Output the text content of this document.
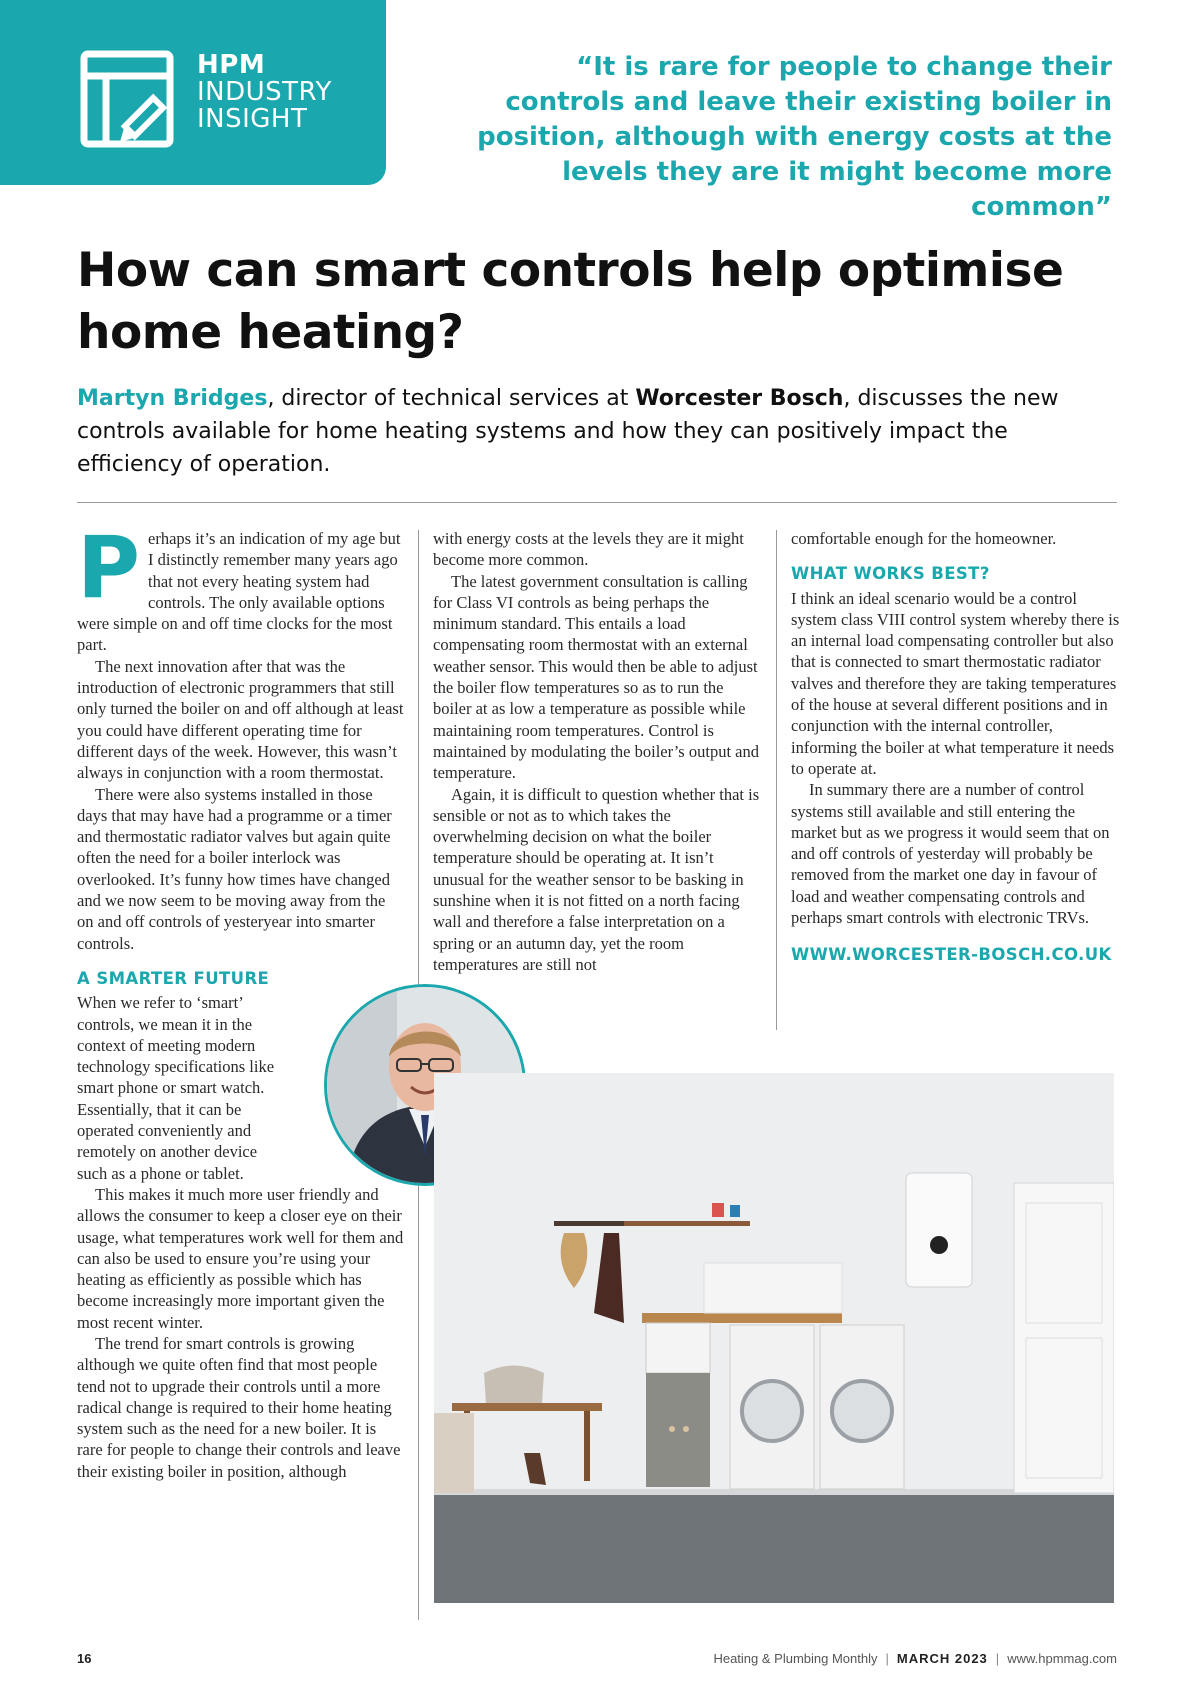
HPM
INDUSTRY
INSIGHT
“It is rare for people to change their controls and leave their existing boiler in position, although with energy costs at the levels they are it might become more common”
How can smart controls help optimise home heating?

Martyn Bridges, director of technical services at Worcester Bosch, discusses the new controls available for home heating systems and how they can positively impact the efficiency of operation.

Perhaps it’s an indication of my age but I distinctly remember many years ago that not every heating system had controls. The only available options were simple on and off time clocks for the most part.

The next innovation after that was the introduction of electronic programmers that still only turned the boiler on and off although at least you could have different operating time for different days of the week. However, this wasn’t always in conjunction with a room thermostat.

There were also systems installed in those days that may have had a programme or a timer and thermostatic radiator valves but again quite often the need for a boiler interlock was overlooked. It’s funny how times have changed and we now seem to be moving away from the on and off controls of yesteryear into smarter controls.

A SMARTER FUTURE

When we refer to ‘smart’ controls, we mean it in the context of meeting modern technology specifications like smart phone or smart watch. Essentially, that it can be operated conveniently and remotely on another device such as a phone or tablet.

This makes it much more user friendly and allows the consumer to keep a closer eye on their usage, what temperatures work well for them and can also be used to ensure you’re using your heating as efficiently as possible which has become increasingly more important given the most recent winter.

The trend for smart controls is growing although we quite often find that most people tend not to upgrade their controls until a more radical change is required to their home heating system such as the need for a new boiler. It is rare for people to change their controls and leave their existing boiler in position, although

with energy costs at the levels they are it might become more common.

The latest government consultation is calling for Class VI controls as being perhaps the minimum standard. This entails a load compensating room thermostat with an external weather sensor. This would then be able to adjust the boiler flow temperatures so as to run the boiler at as low a temperature as possible while maintaining room temperatures. Control is maintained by modulating the boiler’s output and temperature.

Again, it is difficult to question whether that is sensible or not as to which takes the overwhelming decision on what the boiler temperature should be operating at. It isn’t unusual for the weather sensor to be basking in sunshine when it is not fitted on a north facing wall and therefore a false interpretation on a spring or an autumn day, yet the room temperatures are still not

comfortable enough for the homeowner.

WHAT WORKS BEST?

I think an ideal scenario would be a control system class VIII control system whereby there is an internal load compensating controller but also that is connected to smart thermostatic radiator valves and therefore they are taking temperatures of the house at several different positions and in conjunction with the internal controller, informing the boiler at what temperature it needs to operate at.

In summary there are a number of control systems still available and still entering the market but as we progress it would seem that on and off controls of yesterday will probably be removed from the market one day in favour of load and weather compensating controls and perhaps smart controls with electronic TRVs.

WWW.WORCESTER-BOSCH.CO.UK
16	Heating & Plumbing Monthly | MARCH 2023 | www.hpmmag.com
